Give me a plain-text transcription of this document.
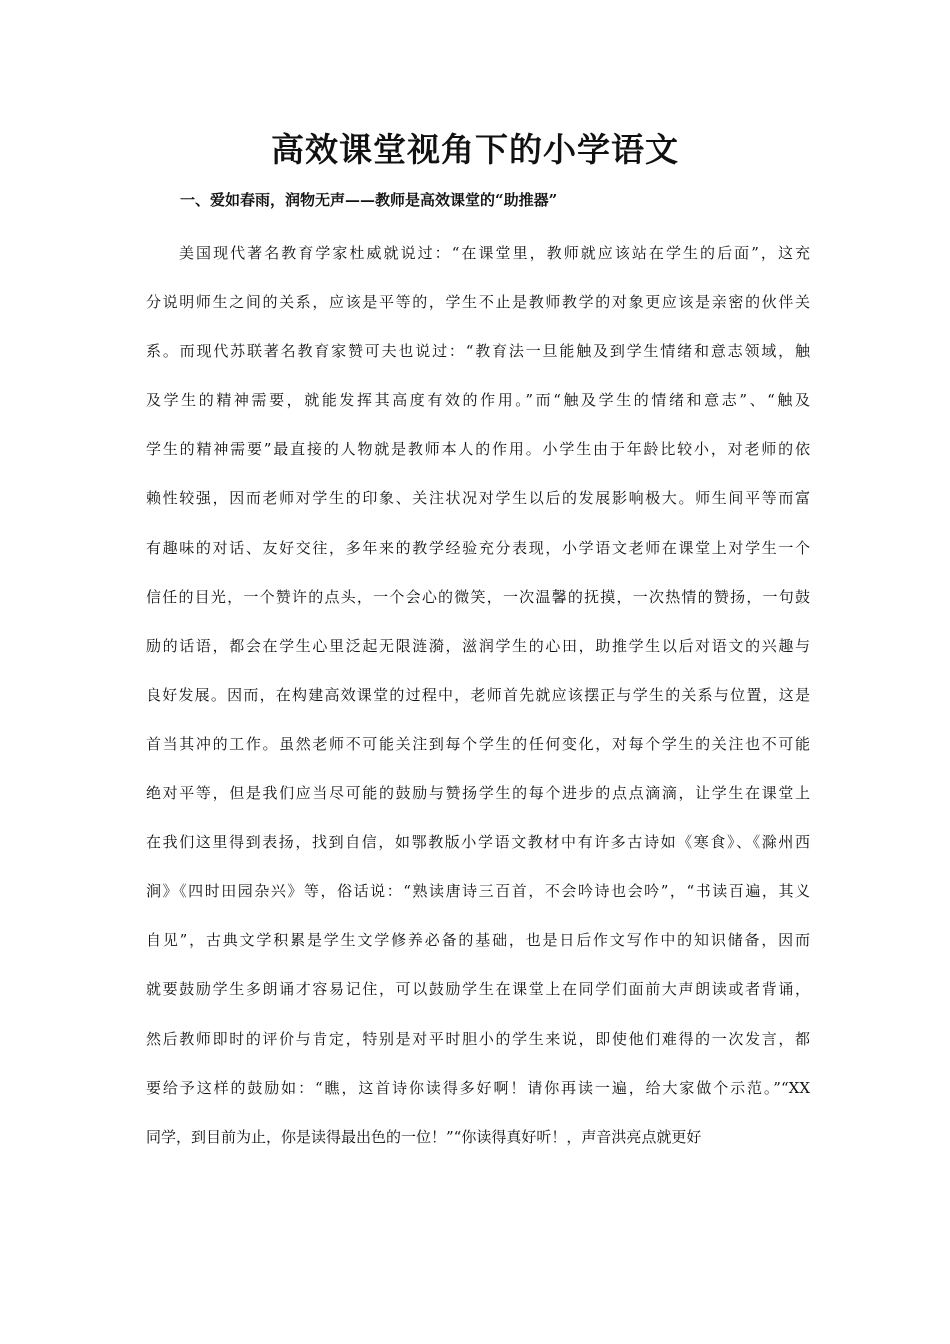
高效课堂视角下的小学语文
一、爱如春雨，润物无声——教师是高效课堂的“助推器”
美国现代著名教育学家杜威就说过：“在课堂里，教师就应该站在学生的后面”，这充
分说明师生之间的关系，应该是平等的，学生不止是教师教学的对象更应该是亲密的伙伴关
系。而现代苏联著名教育家赞可夫也说过：“教育法一旦能触及到学生情绪和意志领域，触
及学生的精神需要，就能发挥其高度有效的作用。”而“触及学生的情绪和意志”、“触及
学生的精神需要”最直接的人物就是教师本人的作用。小学生由于年龄比较小，对老师的依
赖性较强，因而老师对学生的印象、关注状况对学生以后的发展影响极大。师生间平等而富
有趣味的对话、友好交往，多年来的教学经验充分表现，小学语文老师在课堂上对学生一个
信任的目光，一个赞许的点头，一个会心的微笑，一次温馨的抚摸，一次热情的赞扬，一句鼓
励的话语，都会在学生心里泛起无限涟漪，滋润学生的心田，助推学生以后对语文的兴趣与
良好发展。因而，在构建高效课堂的过程中，老师首先就应该摆正与学生的关系与位置，这是
首当其冲的工作。虽然老师不可能关注到每个学生的任何变化，对每个学生的关注也不可能
绝对平等，但是我们应当尽可能的鼓励与赞扬学生的每个进步的点点滴滴，让学生在课堂上
在我们这里得到表扬，找到自信，如鄂教版小学语文教材中有许多古诗如《寒食》、《滁州西
涧》《四时田园杂兴》等，俗话说：“熟读唐诗三百首，不会吟诗也会吟”，“书读百遍，其义
自见”，古典文学积累是学生文学修养必备的基础，也是日后作文写作中的知识储备，因而
就要鼓励学生多朗诵才容易记住，可以鼓励学生在课堂上在同学们面前大声朗读或者背诵，
然后教师即时的评价与肯定，特别是对平时胆小的学生来说，即使他们难得的一次发言，都
要给予这样的鼓励如：“瞧，这首诗你读得多好啊！请你再读一遍，给大家做个示范。”“XX
同学，到目前为止，你是读得最出色的一位！”“你读得真好听！，声音洪亮点就更好
